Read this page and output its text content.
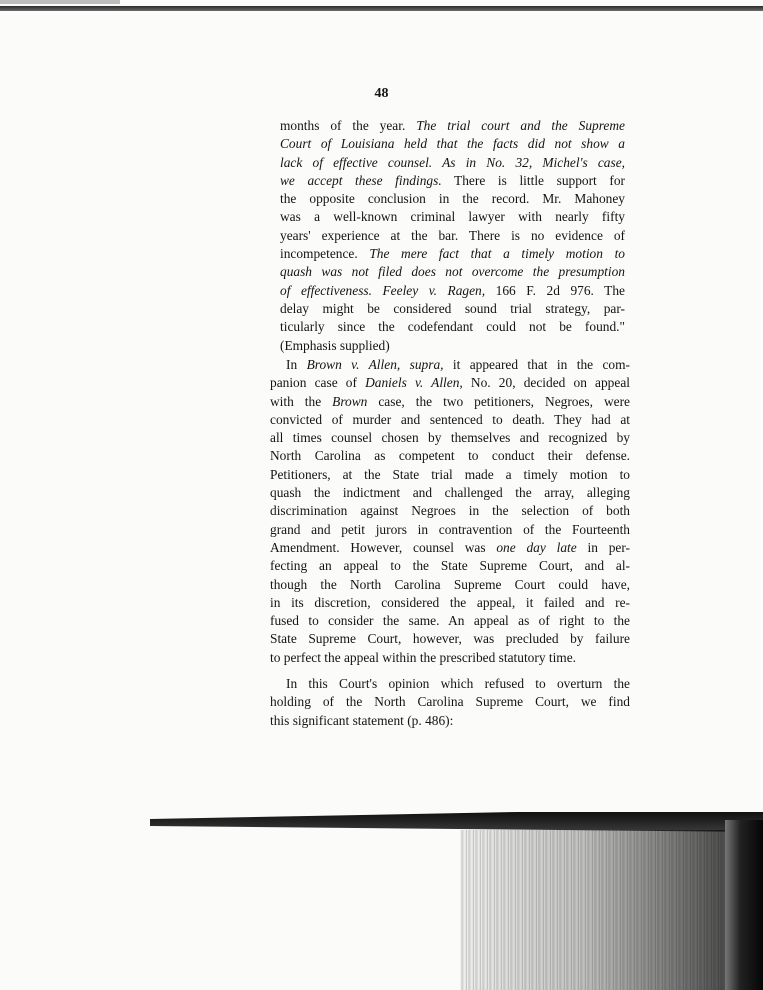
48
months of the year. The trial court and the Supreme
Court of Louisiana held that the facts did not show a
lack of effective counsel. As in No. 32, Michel's case,
we accept these findings. There is little support for
the opposite conclusion in the record. Mr. Mahoney
was a well-known criminal lawyer with nearly fifty
years' experience at the bar. There is no evidence of
incompetence. The mere fact that a timely motion to
quash was not filed does not overcome the presumption
of effectiveness. Feeley v. Ragen, 166 F. 2d 976. The
delay might be considered sound trial strategy, par-
ticularly since the codefendant could not be found."
(Emphasis supplied)
In Brown v. Allen, supra, it appeared that in the com-
panion case of Daniels v. Allen, No. 20, decided on appeal
with the Brown case, the two petitioners, Negroes, were
convicted of murder and sentenced to death. They had at
all times counsel chosen by themselves and recognized by
North Carolina as competent to conduct their defense.
Petitioners, at the State trial made a timely motion to
quash the indictment and challenged the array, alleging
discrimination against Negroes in the selection of both
grand and petit jurors in contravention of the Fourteenth
Amendment. However, counsel was one day late in per-
fecting an appeal to the State Supreme Court, and al-
though the North Carolina Supreme Court could have,
in its discretion, considered the appeal, it failed and re-
fused to consider the same. An appeal as of right to the
State Supreme Court, however, was precluded by failure
to perfect the appeal within the prescribed statutory time.
In this Court's opinion which refused to overturn the
holding of the North Carolina Supreme Court, we find
this significant statement (p. 486):
